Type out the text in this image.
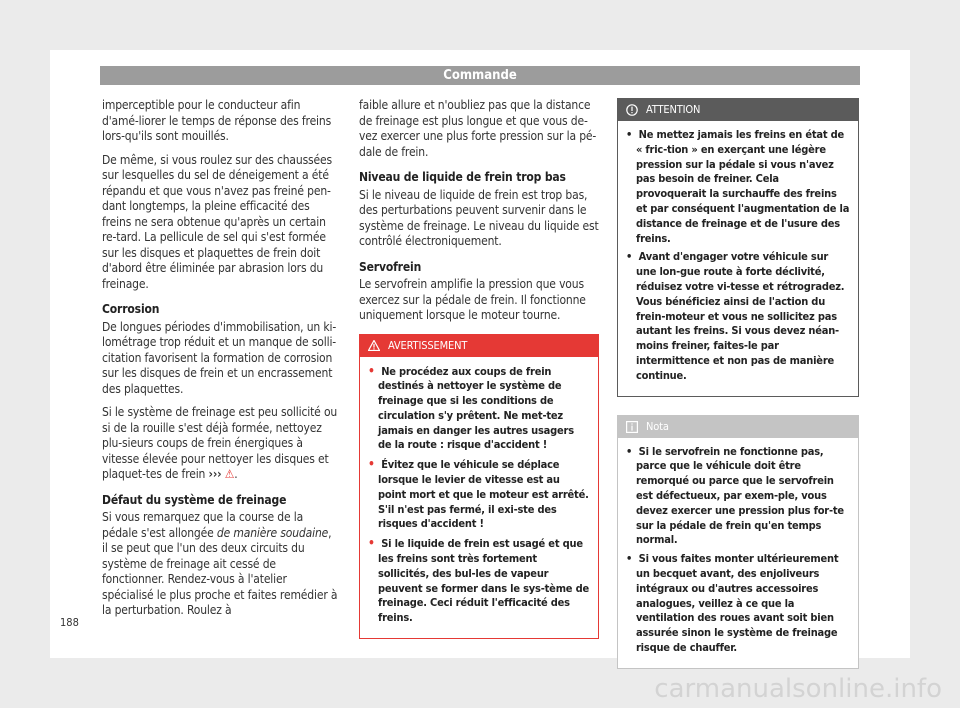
Commande

imperceptible pour le conducteur afin d'amé-liorer le temps de réponse des freins lors-qu'ils sont mouillés.

De même, si vous roulez sur des chaussées sur lesquelles du sel de déneigement a été répandu et que vous n'avez pas freiné pen-dant longtemps, la pleine efficacité des freins ne sera obtenue qu'après un certain re-tard. La pellicule de sel qui s'est formée sur les disques et plaquettes de frein doit d'abord être éliminée par abrasion lors du freinage.

Corrosion

De longues périodes d'immobilisation, un ki-lométrage trop réduit et un manque de solli-citation favorisent la formation de corrosion sur les disques de frein et un encrassement des plaquettes.

Si le système de freinage est peu sollicité ou si de la rouille s'est déjà formée, nettoyez plu-sieurs coups de frein énergiques à vitesse élevée pour nettoyer les disques et plaquet-tes de frein ››› ⚠.

Défaut du système de freinage

Si vous remarquez que la course de la pédale s'est allongée de manière soudaine, il se peut que l'un des deux circuits du système de freinage ait cessé de fonctionner. Rendez-vous à l'atelier spécialisé le plus proche et faites remédier à la perturbation. Roulez à

faible allure et n'oubliez pas que la distance de freinage est plus longue et que vous de-vez exercer une plus forte pression sur la pé-dale de frein.

Niveau de liquide de frein trop bas

Si le niveau de liquide de frein est trop bas, des perturbations peuvent survenir dans le système de freinage. Le niveau du liquide est contrôlé électroniquement.

Servofrein

Le servofrein amplifie la pression que vous exercez sur la pédale de frein. Il fonctionne uniquement lorsque le moteur tourne.

AVERTISSEMENT
• Ne procédez aux coups de frein destinés à nettoyer le système de freinage que si les conditions de circulation s'y prêtent. Ne met-tez jamais en danger les autres usagers de la route : risque d'accident !
• Évitez que le véhicule se déplace lorsque le levier de vitesse est au point mort et que le moteur est arrêté. S'il n'est pas fermé, il exi-ste des risques d'accident !
• Si le liquide de frein est usagé et que les freins sont très fortement sollicités, des bul-les de vapeur peuvent se former dans le sys-tème de freinage. Ceci réduit l'efficacité des freins.
ATTENTION
• Ne mettez jamais les freins en état de « fric-tion » en exerçant une légère pression sur la pédale si vous n'avez pas besoin de freiner. Cela provoquerait la surchauffe des freins et par conséquent l'augmentation de la distance de freinage et de l'usure des freins.
• Avant d'engager votre véhicule sur une lon-gue route à forte déclivité, réduisez votre vi-tesse et rétrogradez. Vous bénéficiez ainsi de l'action du frein-moteur et vous ne sollicitez pas autant les freins. Si vous devez néan-moins freiner, faites-le par intermittence et non pas de manière continue.
Nota
• Si le servofrein ne fonctionne pas, parce que le véhicule doit être remorqué ou parce que le servofrein est défectueux, par exem-ple, vous devez exercer une pression plus for-te sur la pédale de frein qu'en temps normal.
• Si vous faites monter ultérieurement un becquet avant, des enjoliveurs intégraux ou d'autres accessoires analogues, veillez à ce que la ventilation des roues avant soit bien assurée sinon le système de freinage risque de chauffer.
188
carmanualsonline.info
